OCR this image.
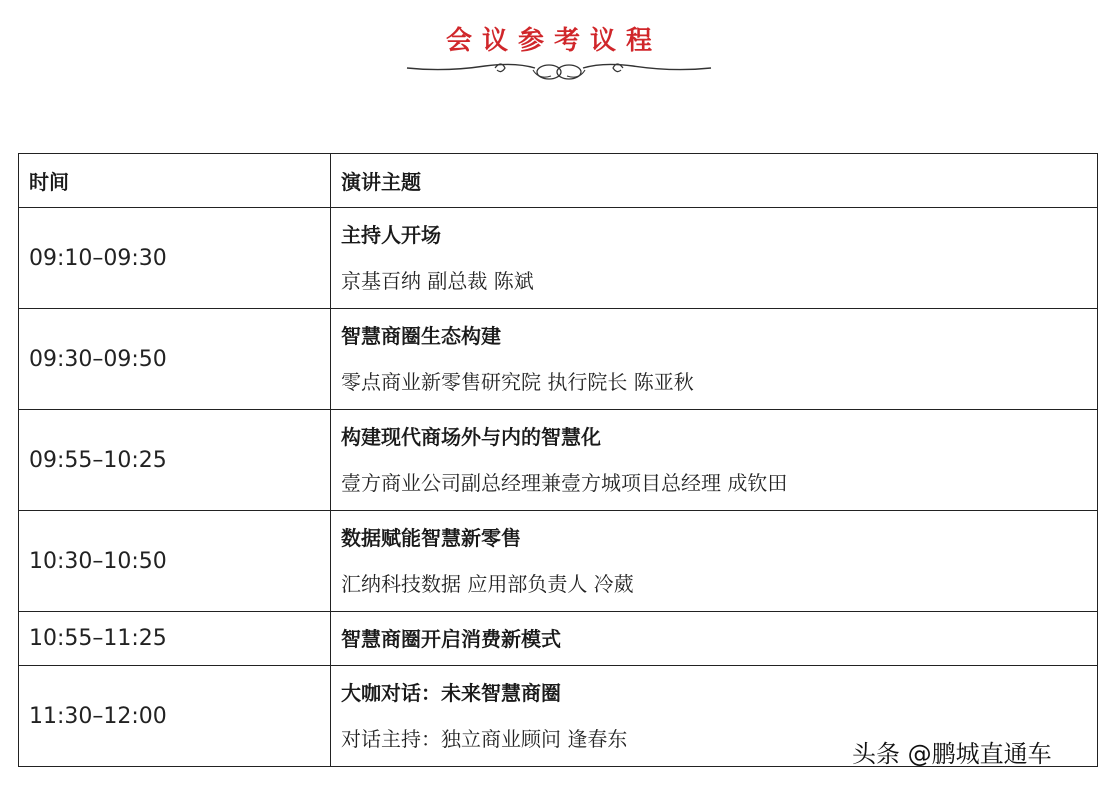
会议参考议程
时间	演讲主题
09:10–09:30	主持人开场
京基百纳 副总裁 陈斌

09:30–09:50	智慧商圈生态构建
零点商业新零售研究院 执行院长 陈亚秋

09:55–10:25	构建现代商场外与内的智慧化
壹方商业公司副总经理兼壹方城项目总经理 成钦田

10:30–10:50	数据赋能智慧新零售
汇纳科技数据 应用部负责人 冷葳

10:55–11:25	智慧商圈开启消费新模式

11:30–12:00	大咖对话：未来智慧商圈
对话主持：独立商业顾问 逢春东
头条 @鹏城直通车
